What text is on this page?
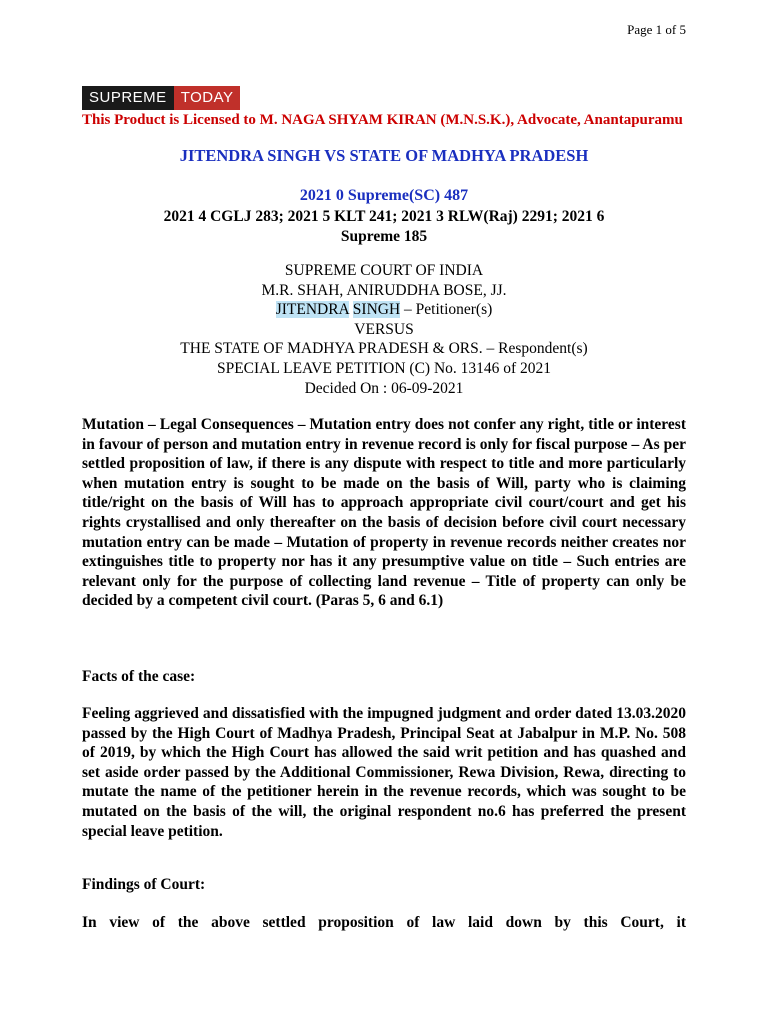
Page 1 of 5
SUPREME TODAY
This Product is Licensed to M. NAGA SHYAM KIRAN (M.N.S.K.), Advocate, Anantapuramu
JITENDRA SINGH VS STATE OF MADHYA PRADESH
2021 0 Supreme(SC) 487
2021 4 CGLJ 283; 2021 5 KLT 241; 2021 3 RLW(Raj) 2291; 2021 6
Supreme 185
SUPREME COURT OF INDIA
M.R. SHAH, ANIRUDDHA BOSE, JJ.
JITENDRA SINGH – Petitioner(s)
VERSUS
THE STATE OF MADHYA PRADESH & ORS. – Respondent(s)
SPECIAL LEAVE PETITION (C) No. 13146 of 2021
Decided On : 06-09-2021
Mutation – Legal Consequences – Mutation entry does not confer any right, title or interest in favour of person and mutation entry in revenue record is only for fiscal purpose – As per settled proposition of law, if there is any dispute with respect to title and more particularly when mutation entry is sought to be made on the basis of Will, party who is claiming title/right on the basis of Will has to approach appropriate civil court/court and get his rights crystallised and only thereafter on the basis of decision before civil court necessary mutation entry can be made – Mutation of property in revenue records neither creates nor extinguishes title to property nor has it any presumptive value on title – Such entries are relevant only for the purpose of collecting land revenue – Title of property can only be decided by a competent civil court. (Paras 5, 6 and 6.1)
Facts of the case:
Feeling aggrieved and dissatisfied with the impugned judgment and order dated 13.03.2020 passed by the High Court of Madhya Pradesh, Principal Seat at Jabalpur in M.P. No. 508 of 2019, by which the High Court has allowed the said writ petition and has quashed and set aside order passed by the Additional Commissioner, Rewa Division, Rewa, directing to mutate the name of the petitioner herein in the revenue records, which was sought to be mutated on the basis of the will, the original respondent no.6 has preferred the present special leave petition.
Findings of Court:
In view of the above settled proposition of law laid down by this Court, it
